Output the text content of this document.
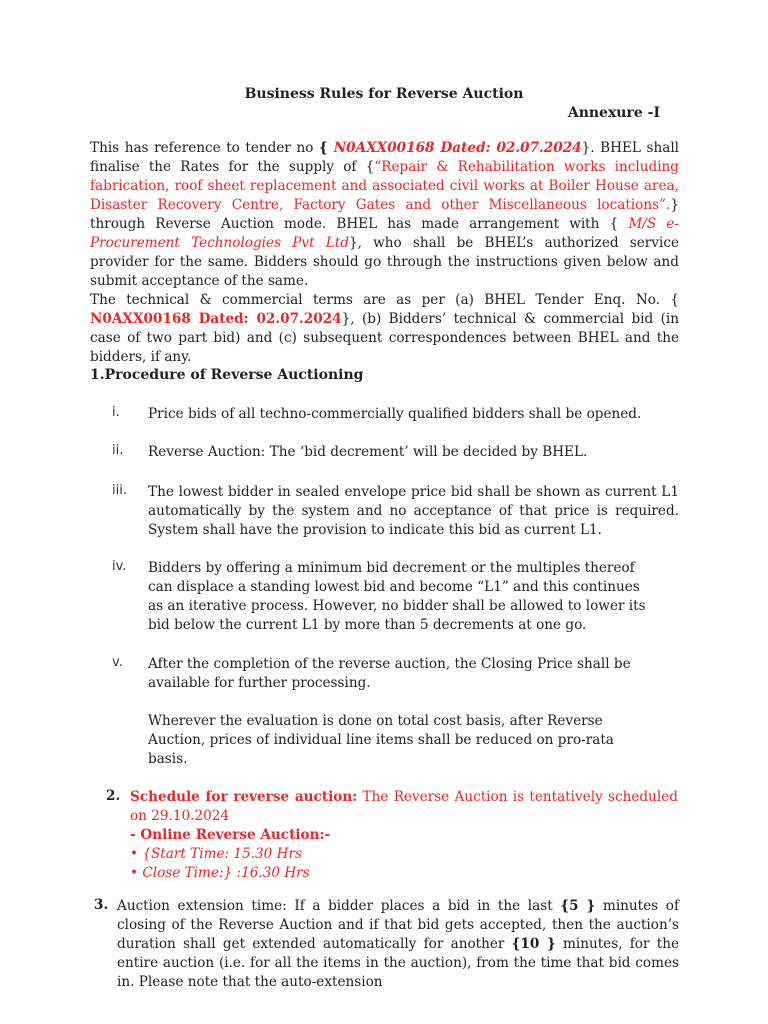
Business Rules for Reverse Auction
Annexure -I
This has reference to tender no { N0AXX00168 Dated: 02.07.2024}. BHEL shall finalise the Rates for the supply of {“Repair & Rehabilitation works including fabrication, roof sheet replacement and associated civil works at Boiler House area, Disaster Recovery Centre, Factory Gates and other Miscellaneous locations”.} through Reverse Auction mode. BHEL has made arrangement with { M/S e-Procurement Technologies Pvt Ltd}, who shall be BHEL’s authorized service provider for the same. Bidders should go through the instructions given below and submit acceptance of the same.
The technical & commercial terms are as per (a) BHEL Tender Enq. No. { N0AXX00168 Dated: 02.07.2024}, (b) Bidders’ technical & commercial bid (in case of two part bid) and (c) subsequent correspondences between BHEL and the bidders, if any.
1.Procedure of Reverse Auctioning
i. Price bids of all techno-commercially qualified bidders shall be opened.
ii. Reverse Auction: The ‘bid decrement’ will be decided by BHEL.
iii. The lowest bidder in sealed envelope price bid shall be shown as current L1 automatically by the system and no acceptance of that price is required. System shall have the provision to indicate this bid as current L1.
iv. Bidders by offering a minimum bid decrement or the multiples thereof
can displace a standing lowest bid and become “L1” and this continues
as an iterative process. However, no bidder shall be allowed to lower its
bid below the current L1 by more than 5 decrements at one go.
v. After the completion of the reverse auction, the Closing Price shall be
available for further processing.
Wherever the evaluation is done on total cost basis, after Reverse
Auction, prices of individual line items shall be reduced on pro-rata
basis.
2. Schedule for reverse auction: The Reverse Auction is tentatively scheduled on 29.10.2024
- Online Reverse Auction:-
• {Start Time: 15.30 Hrs
• Close Time:} :16.30 Hrs
3. Auction extension time: If a bidder places a bid in the last {5 } minutes of closing of the Reverse Auction and if that bid gets accepted, then the auction’s duration shall get extended automatically for another {10 } minutes, for the entire auction (i.e. for all the items in the auction), from the time that bid comes in. Please note that the auto-extension
